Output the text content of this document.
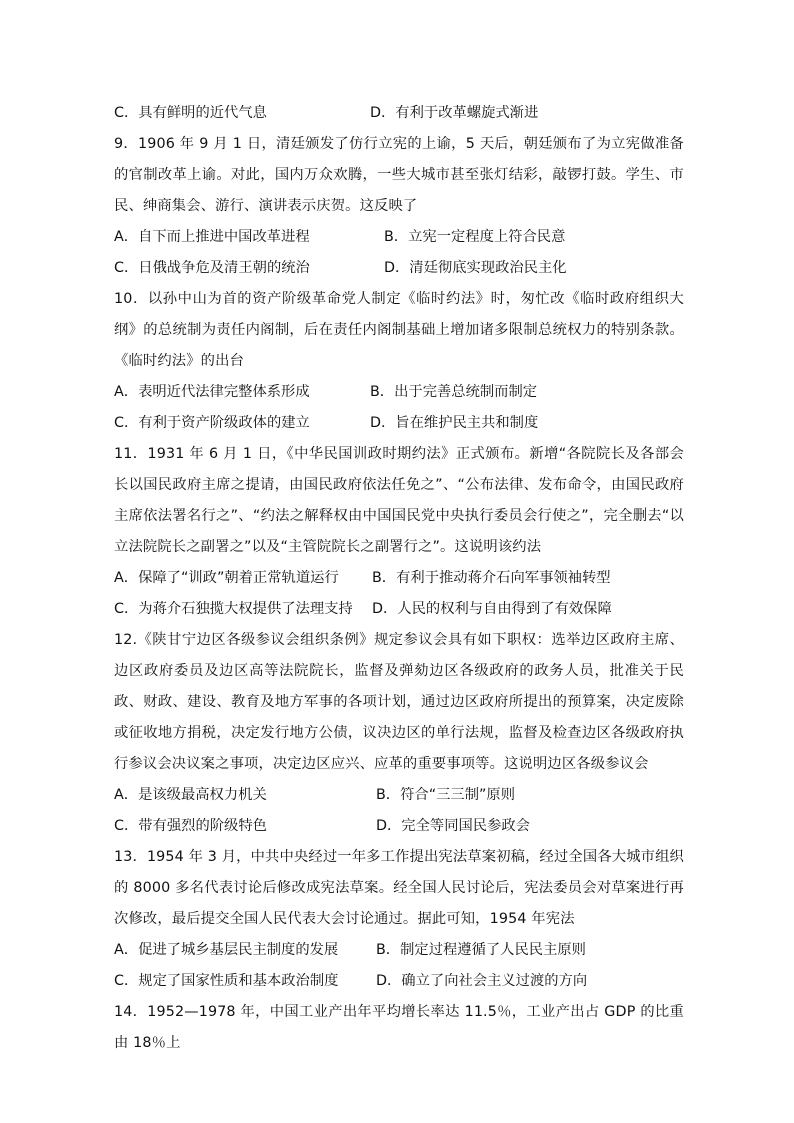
C．具有鲜明的近代气息	D．有利于改革螺旋式渐进

9．1906 年 9 月 1 日，清廷颁发了仿行立宪的上谕，5 天后，朝廷颁布了为立宪做准备的官制改革上谕。对此，国内万众欢腾，一些大城市甚至张灯结彩，敲锣打鼓。学生、市民、绅商集会、游行、演讲表示庆贺。这反映了

A．自下而上推进中国改革进程	B．立宪一定程度上符合民意
C．日俄战争危及清王朝的统治	D．清廷彻底实现政治民主化

10．以孙中山为首的资产阶级革命党人制定《临时约法》时，匆忙改《临时政府组织大纲》的总统制为责任内阁制，后在责任内阁制基础上增加诸多限制总统权力的特别条款。《临时约法》的出台

A．表明近代法律完整体系形成	B．出于完善总统制而制定
C．有利于资产阶级政体的建立	D．旨在维护民主共和制度

11．1931 年 6 月 1 日，《中华民国训政时期约法》正式颁布。新增“各院院长及各部会长以国民政府主席之提请，由国民政府依法任免之”、“公布法律、发布命令，由国民政府主席依法署名行之”、“约法之解释权由中国国民党中央执行委员会行使之”，完全删去“以立法院院长之副署之”以及“主管院院长之副署行之”。这说明该约法

A．保障了“训政”朝着正常轨道运行	B．有利于推动蒋介石向军事领袖转型
C．为蒋介石独揽大权提供了法理支持	D．人民的权利与自由得到了有效保障

12.《陕甘宁边区各级参议会组织条例》规定参议会具有如下职权：选举边区政府主席、边区政府委员及边区高等法院院长，监督及弹劾边区各级政府的政务人员，批准关于民政、财政、建设、教育及地方军事的各项计划，通过边区政府所提出的预算案，决定废除或征收地方捐税，决定发行地方公债，议决边区的单行法规，监督及检查边区各级政府执行参议会决议案之事项，决定边区应兴、应革的重要事项等。这说明边区各级参议会

A．是该级最高权力机关	B．符合“三三制”原则
C．带有强烈的阶级特色	D．完全等同国民参政会

13．1954 年 3 月，中共中央经过一年多工作提出宪法草案初稿，经过全国各大城市组织的 8000 多名代表讨论后修改成宪法草案。经全国人民讨论后，宪法委员会对草案进行再次修改，最后提交全国人民代表大会讨论通过。据此可知，1954 年宪法

A．促进了城乡基层民主制度的发展	B．制定过程遵循了人民民主原则
C．规定了国家性质和基本政治制度	D．确立了向社会主义过渡的方向

14．1952—1978 年，中国工业产出年平均增长率达 11.5％，工业产出占 GDP 的比重由 18％上
